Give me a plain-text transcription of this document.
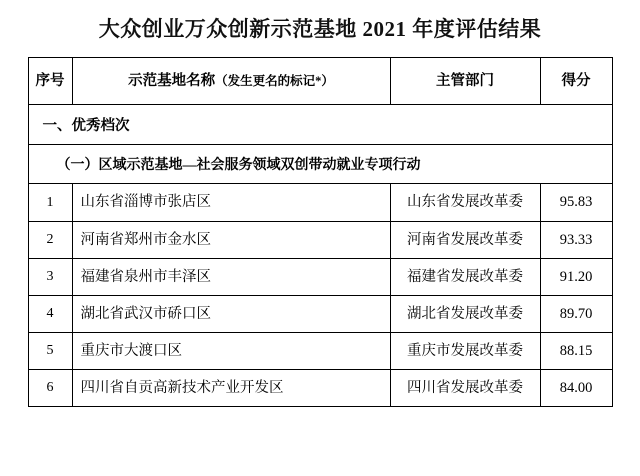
大众创业万众创新示范基地 2021 年度评估结果
序号	示范基地名称（发生更名的标记*）	主管部门	得分

一、优秀档次			

（一）区域示范基地—社会服务领域双创带动就业专项行动			

1	山东省淄博市张店区	山东省发展改革委	95.83

2	河南省郑州市金水区	河南省发展改革委	93.33

3	福建省泉州市丰泽区	福建省发展改革委	91.20

4	湖北省武汉市硚口区	湖北省发展改革委	89.70

5	重庆市大渡口区	重庆市发展改革委	88.15

6	四川省自贡高新技术产业开发区	四川省发展改革委	84.00
